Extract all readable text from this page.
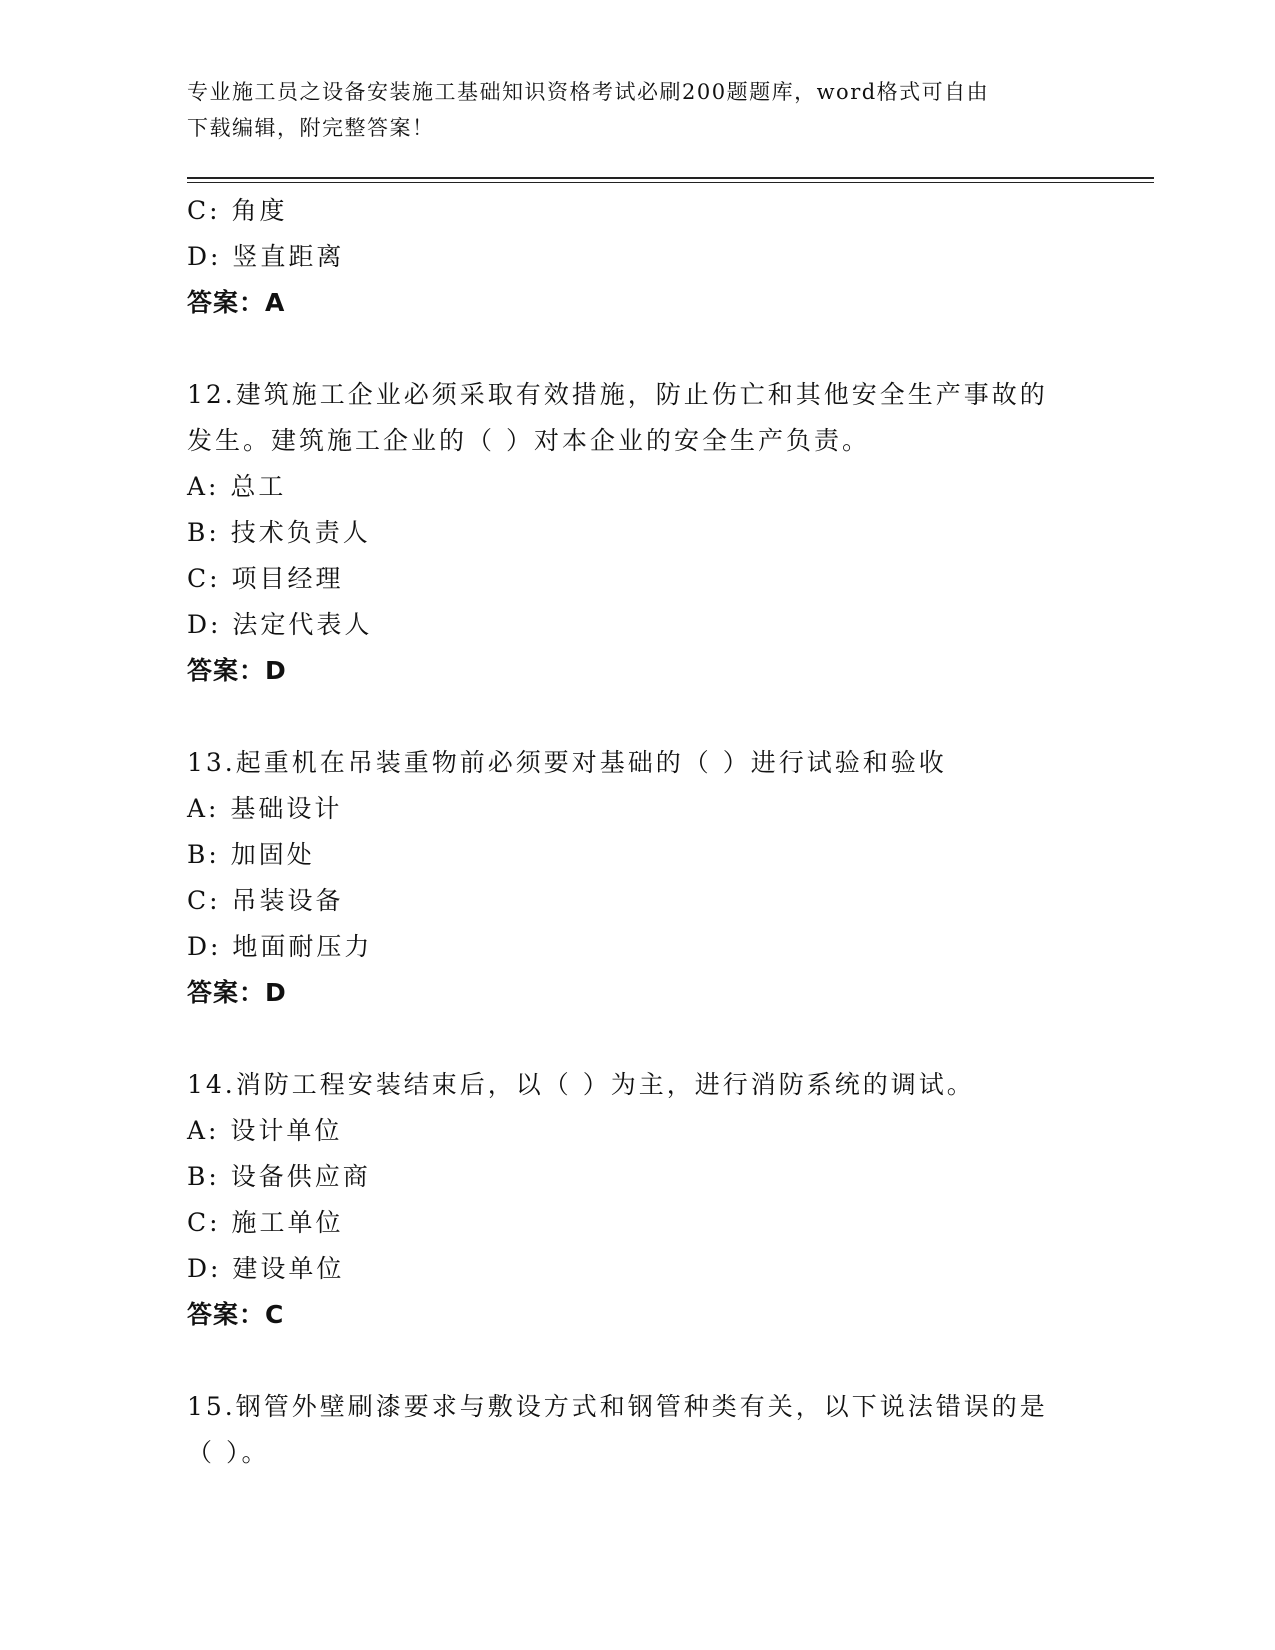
专业施工员之设备安装施工基础知识资格考试必刷200题题库，word格式可自由
下载编辑，附完整答案！
C: 角度
D: 竖直距离
答案：A
12.建筑施工企业必须采取有效措施，防止伤亡和其他安全生产事故的
发生。建筑施工企业的（ ）对本企业的安全生产负责。
A: 总工
B: 技术负责人
C: 项目经理
D: 法定代表人
答案：D
13.起重机在吊装重物前必须要对基础的（ ）进行试验和验收
A: 基础设计
B: 加固处
C: 吊装设备
D: 地面耐压力
答案：D
14.消防工程安装结束后，以（ ）为主，进行消防系统的调试。
A: 设计单位
B: 设备供应商
C: 施工单位
D: 建设单位
答案：C
15.钢管外壁刷漆要求与敷设方式和钢管种类有关，以下说法错误的是
（ ）。
